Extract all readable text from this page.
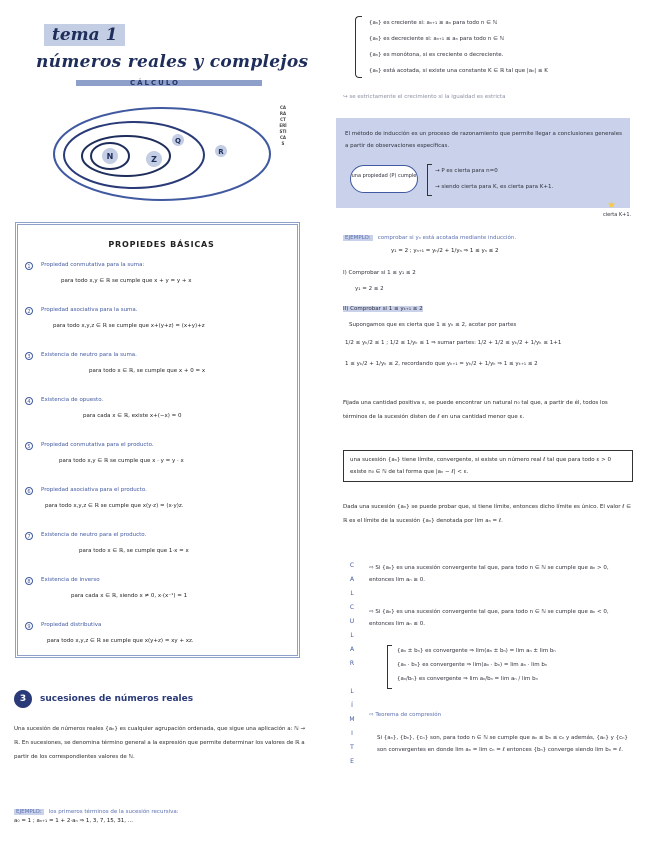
tema 1
números reales y complejos
CÁLCULO
N	Z
Q
R
CARACTERÍSTICAS
PROPIEDES BÁSICAS
1	Propiedad conmutativa para la suma:
para todo x,y ∈ ℝ se cumple que x + y = y + x
2	Propiedad asociativa para la suma.
para todo x,y,z ∈ ℝ se cumple que x+(y+z) = (x+y)+z
3	Existencia de neutro para la suma.
para todo x ∈ ℝ, se cumple que x + 0 = x
4	Existencia de opuesto.
para cada x ∈ ℝ, existe x+(−x) = 0
5	Propiedad conmutativa para el producto.
para todo x,y ∈ ℝ se cumple que x · y = y · x
6	Propiedad asociativa para el producto.
para todo x,y,z ∈ ℝ se cumple que x(y·z) = (x·y)z.
7	Existencia de neutro para el producto.
para todo x ∈ ℝ, se cumple que 1·x = x
8	Existencia de inverso
para cada x ∈ ℝ, siendo x ≠ 0, x·(x⁻¹) = 1
9	Propiedad distributiva
para todo x,y,z ∈ ℝ se cumple que x(y+z) = xy + xz.
3	sucesiones de números reales
Una sucesión de números reales {aₙ} es cualquier agrupación ordenada, que sigue una aplicación a: ℕ → ℝ. En sucesiones, se denomina término general a la expresión que permite determinar los valores de ℝ a partir de los correspondientes valores de ℕ.
EJEMPLO: los primeros términos de la sucesión recursiva:
a₀ = 1 ; aₙ₊₁ = 1 + 2·aₙ ⇒ 1, 3, 7, 15, 31, ...
{aₙ} es creciente si: aₙ₊₁ ≥ aₙ para todo n ∈ ℕ
{aₙ} es decreciente si: aₙ₊₁ ≤ aₙ para todo n ∈ ℕ
{aₙ} es monótona, si es creciente o decreciente.
{aₙ} está acotada, si existe una constante K ∈ ℝ tal que |aₙ| ≤ K
↪ se estrictamente el crecimiento si la igualdad es estricta
El método de inducción es un proceso de razonamiento que permite llegar a conclusiones generales a partir de observaciones específicas.
una propiedad (P) cumple
→ P es cierta para n=0
→ siendo cierta para K, es cierta para K+1.
★
cierta K+1.
EJEMPLO: comprobar si yₙ está acotada mediante inducción.
y₁ = 2 ; yₙ₊₁ = yₙ/2 + 1/yₙ ⇒ 1 ≤ yₙ ≤ 2
I) Comprobar si 1 ≤ y₁ ≤ 2
y₁ = 2 ≤ 2
II) Comprobar si 1 ≤ yₖ₊₁ ≤ 2
Supongamos que es cierta que 1 ≤ yₖ ≤ 2, acotar por partes
1/2 ≤ yₖ/2 ≤ 1 ; 1/2 ≤ 1/yₖ ≤ 1 ⇒ sumar partes: 1/2 + 1/2 ≤ yₖ/2 + 1/yₖ ≤ 1+1
1 ≤ yₖ/2 + 1/yₖ ≤ 2, recordando que yₖ₊₁ = yₖ/2 + 1/yₖ ⇒ 1 ≤ yₖ₊₁ ≤ 2
Fijada una cantidad positiva ε, se puede encontrar un natural n₀ tal que, a partir de él, todos los términos de la sucesión disten de ℓ en una cantidad menor que ε.
una sucesión {aₙ} tiene límite, convergente, si existe un número real ℓ tal que para todo ε > 0 existe n₀ ∈ ℕ de tal forma que |aₙ − ℓ| < ε.
Dada una sucesión {aₙ} se puede probar que, si tiene límite, entonces dicho límite es único. El valor ℓ ∈ ℝ es el límite de la sucesión {aₙ} denotada por lim aₙ = ℓ.
C
A
L
C
U
L
A
R
L
Í
M
I
T
E
⇨ Si {aₙ} es una sucesión convergente tal que, para todo n ∈ ℕ se cumple que aₙ > 0, entonces lim aₙ ≥ 0.
⇨ Si {aₙ} es una sucesión convergente tal que, para todo n ∈ ℕ se cumple que aₙ < 0, entonces lim aₙ ≤ 0.
{aₙ ± bₙ} es convergente ⇒ lim(aₙ ± bₙ) = lim aₙ ± lim bₙ
{aₙ · bₙ} es convergente ⇒ lim(aₙ · bₙ) = lim aₙ · lim bₙ
{aₙ/bₙ} es convergente ⇒ lim aₙ/bₙ = lim aₙ / lim bₙ
⇨ Teorema de compresión
Si {aₙ}, {bₙ}, {cₙ} son, para todo n ∈ ℕ se cumple que aₙ ≤ bₙ ≤ cₙ y además, {aₙ} y {cₙ} son convergentes en donde lim aₙ = lim cₙ = ℓ entonces {bₙ} converge siendo lim bₙ = ℓ.
